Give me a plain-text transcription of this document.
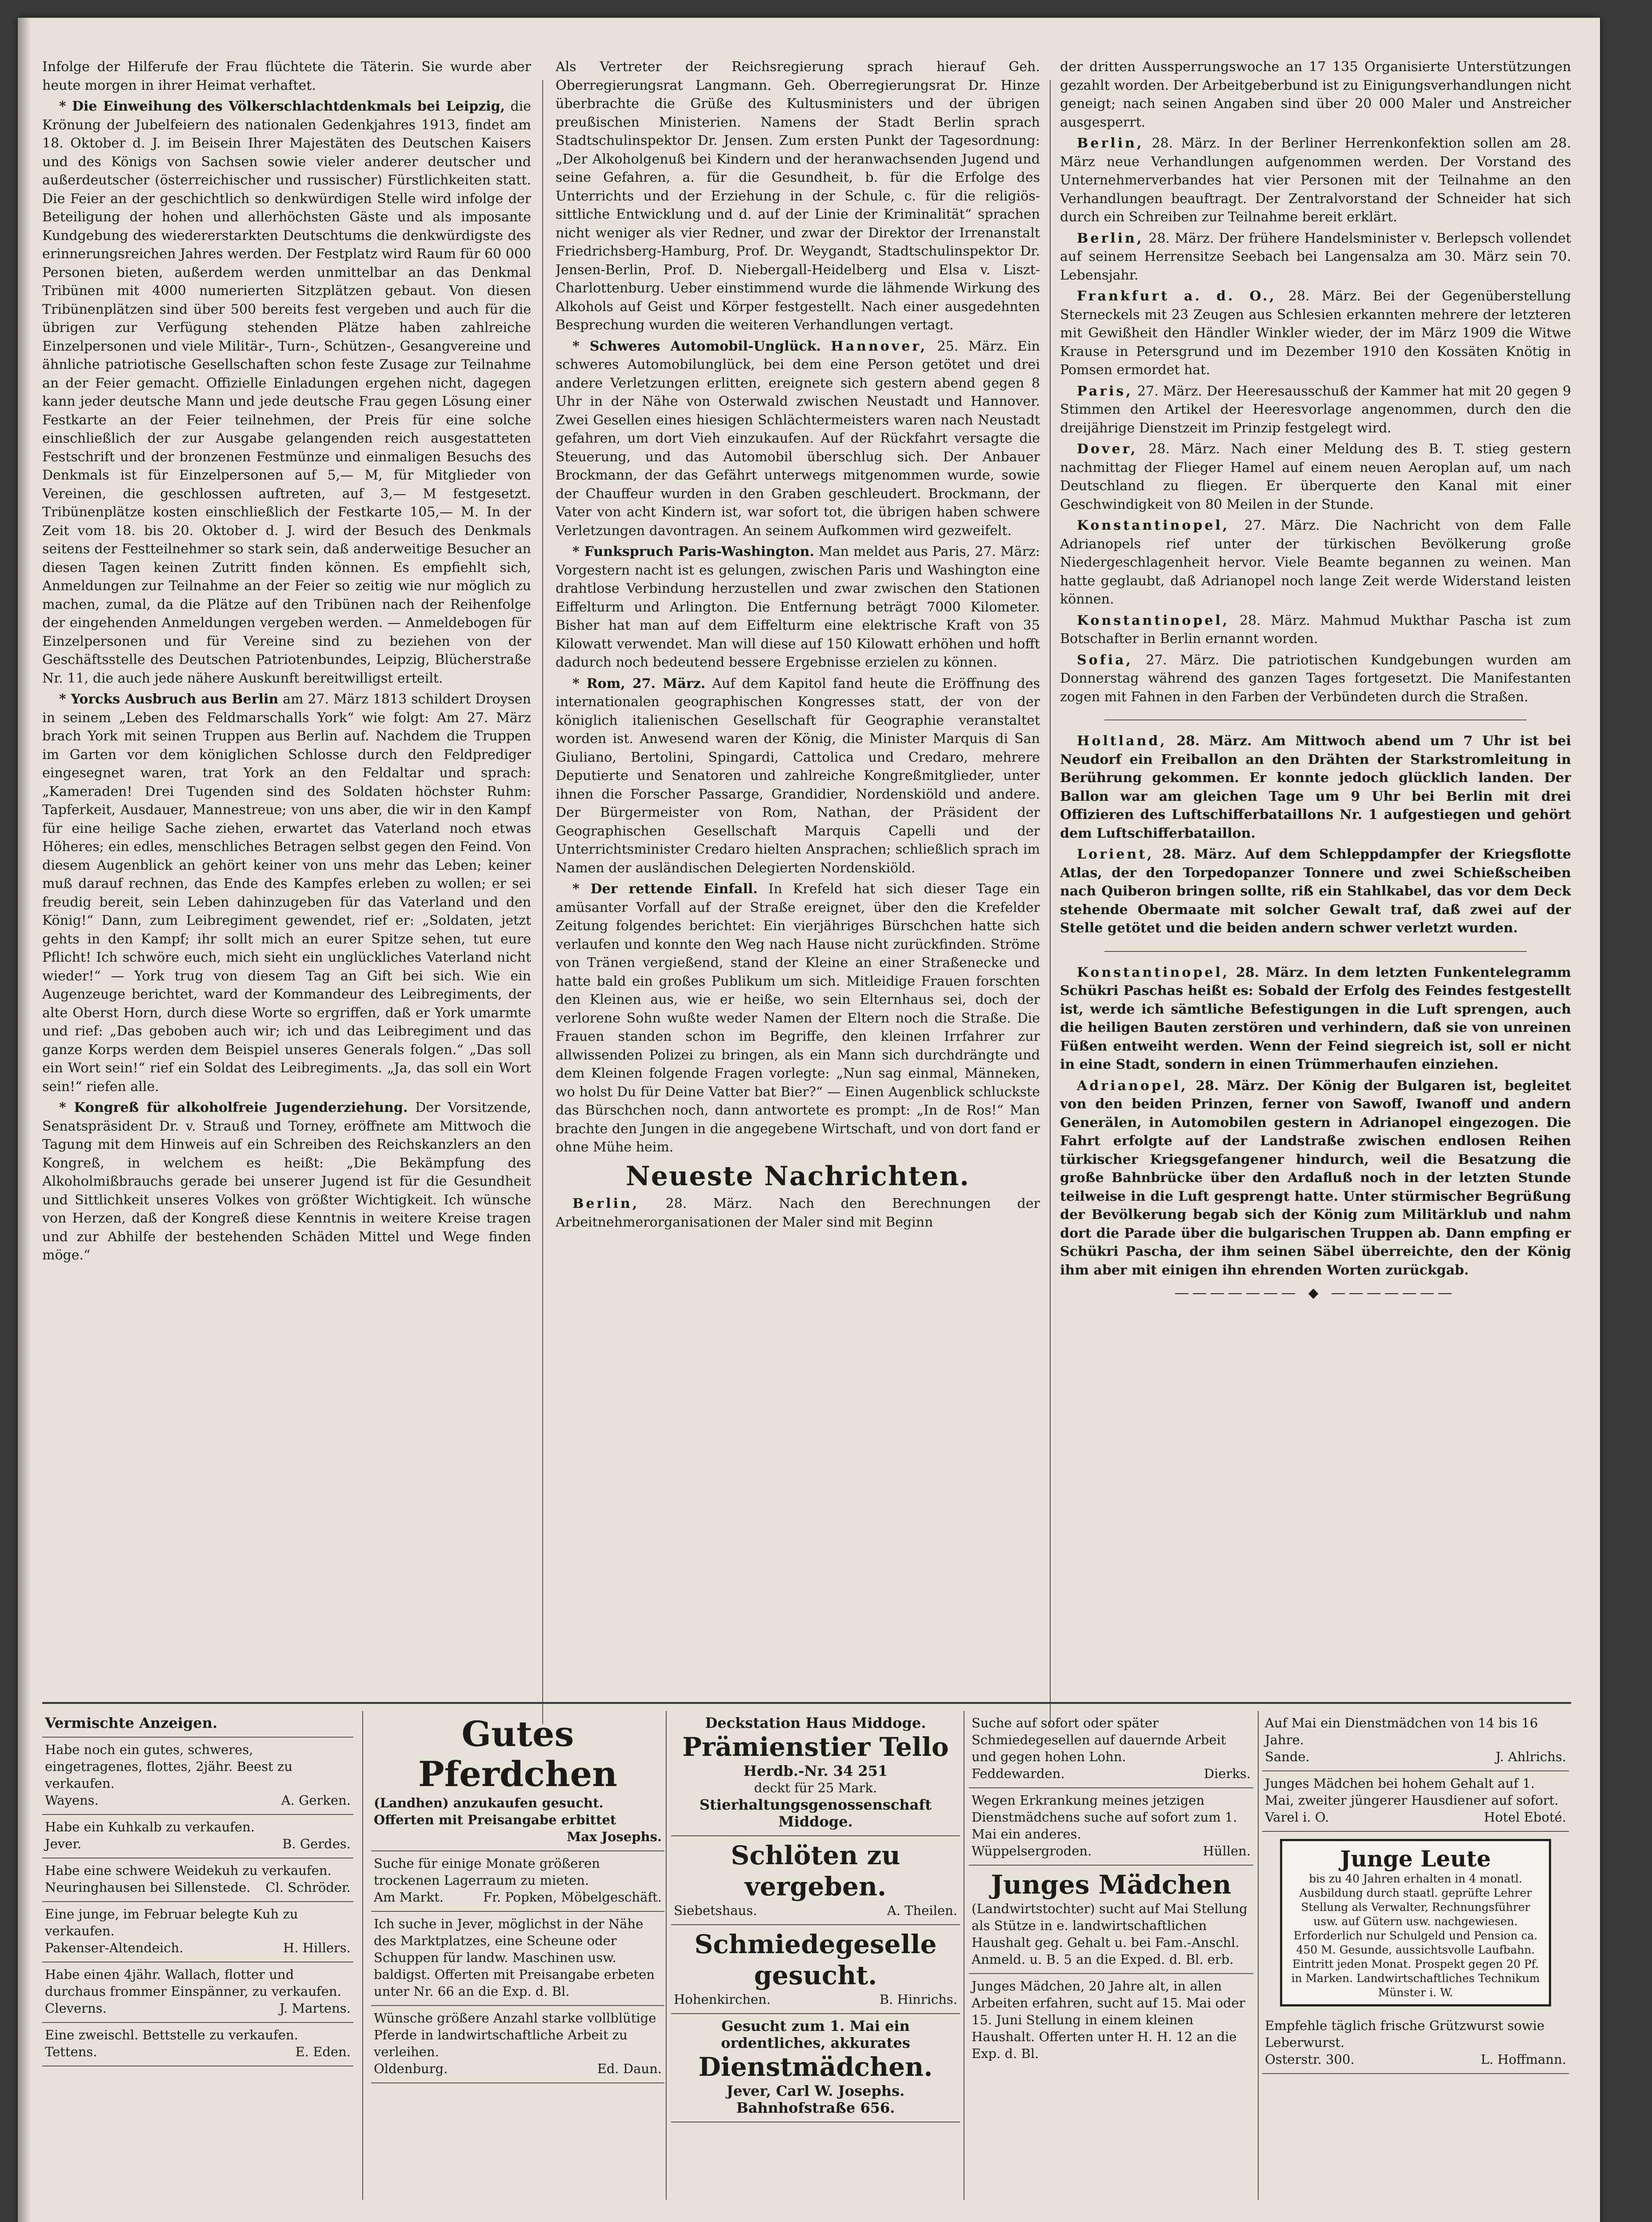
Infolge der Hilferufe der Frau flüchtete die Täterin. Sie wurde aber heute morgen in ihrer Heimat verhaftet.

* Die Einweihung des Völkerschlachtdenkmals bei Leipzig, die Krönung der Jubelfeiern des nationalen Gedenkjahres 1913, findet am 18. Oktober d. J. im Beisein Ihrer Majestäten des Deutschen Kaisers und des Königs von Sachsen sowie vieler anderer deutscher und außerdeutscher (österreichischer und russischer) Fürstlichkeiten statt. Die Feier an der geschichtlich so denkwürdigen Stelle wird infolge der Beteiligung der hohen und allerhöchsten Gäste und als imposante Kundgebung des wiedererstarkten Deutschtums die denkwürdigste des erinnerungsreichen Jahres werden. Der Festplatz wird Raum für 60 000 Personen bieten, außerdem werden unmittelbar an das Denkmal Tribünen mit 4000 numerierten Sitzplätzen gebaut. Von diesen Tribünenplätzen sind über 500 bereits fest vergeben und auch für die übrigen zur Verfügung stehenden Plätze haben zahlreiche Einzelpersonen und viele Militär-, Turn-, Schützen-, Gesangvereine und ähnliche patriotische Gesellschaften schon feste Zusage zur Teilnahme an der Feier gemacht. Offizielle Einladungen ergehen nicht, dagegen kann jeder deutsche Mann und jede deutsche Frau gegen Lösung einer Festkarte an der Feier teilnehmen, der Preis für eine solche einschließlich der zur Ausgabe gelangenden reich ausgestatteten Festschrift und der bronzenen Festmünze und einmaligen Besuchs des Denkmals ist für Einzelpersonen auf 5,— M, für Mitglieder von Vereinen, die geschlossen auftreten, auf 3,— M festgesetzt. Tribünenplätze kosten einschließlich der Festkarte 105,— M. In der Zeit vom 18. bis 20. Oktober d. J. wird der Besuch des Denkmals seitens der Festteilnehmer so stark sein, daß anderweitige Besucher an diesen Tagen keinen Zutritt finden können. Es empfiehlt sich, Anmeldungen zur Teilnahme an der Feier so zeitig wie nur möglich zu machen, zumal, da die Plätze auf den Tribünen nach der Reihenfolge der eingehenden Anmeldungen vergeben werden. — Anmeldebogen für Einzelpersonen und für Vereine sind zu beziehen von der Geschäftsstelle des Deutschen Patriotenbundes, Leipzig, Blücherstraße Nr. 11, die auch jede nähere Auskunft bereitwilligst erteilt.

* Yorcks Ausbruch aus Berlin am 27. März 1813 schildert Droysen in seinem „Leben des Feldmarschalls York“ wie folgt: Am 27. März brach York mit seinen Truppen aus Berlin auf. Nachdem die Truppen im Garten vor dem königlichen Schlosse durch den Feldprediger eingesegnet waren, trat York an den Feldaltar und sprach: „Kameraden! Drei Tugenden sind des Soldaten höchster Ruhm: Tapferkeit, Ausdauer, Mannestreue; von uns aber, die wir in den Kampf für eine heilige Sache ziehen, erwartet das Vaterland noch etwas Höheres; ein edles, menschliches Betragen selbst gegen den Feind. Von diesem Augenblick an gehört keiner von uns mehr das Leben; keiner muß darauf rechnen, das Ende des Kampfes erleben zu wollen; er sei freudig bereit, sein Leben dahinzugeben für das Vaterland und den König!“ Dann, zum Leibregiment gewendet, rief er: „Soldaten, jetzt gehts in den Kampf; ihr sollt mich an eurer Spitze sehen, tut eure Pflicht! Ich schwöre euch, mich sieht ein unglückliches Vaterland nicht wieder!“ — York trug von diesem Tag an Gift bei sich. Wie ein Augenzeuge berichtet, ward der Kommandeur des Leibregiments, der alte Oberst Horn, durch diese Worte so ergriffen, daß er York umarmte und rief: „Das geboben auch wir; ich und das Leibregiment und das ganze Korps werden dem Beispiel unseres Generals folgen.“ „Das soll ein Wort sein!“ rief ein Soldat des Leibregiments. „Ja, das soll ein Wort sein!“ riefen alle.

* Kongreß für alkoholfreie Jugenderziehung. Der Vorsitzende, Senatspräsident Dr. v. Strauß und Torney, eröffnete am Mittwoch die Tagung mit dem Hinweis auf ein Schreiben des Reichskanzlers an den Kongreß, in welchem es heißt: „Die Bekämpfung des Alkoholmißbrauchs gerade bei unserer Jugend ist für die Gesundheit und Sittlichkeit unseres Volkes von größter Wichtigkeit. Ich wünsche von Herzen, daß der Kongreß diese Kenntnis in weitere Kreise tragen und zur Abhilfe der bestehenden Schäden Mittel und Wege finden möge.“

Als Vertreter der Reichsregierung sprach hierauf Geh. Oberregierungsrat Langmann. Geh. Oberregierungsrat Dr. Hinze überbrachte die Grüße des Kultusministers und der übrigen preußischen Ministerien. Namens der Stadt Berlin sprach Stadtschulinspektor Dr. Jensen. Zum ersten Punkt der Tagesordnung: „Der Alkoholgenuß bei Kindern und der heranwachsenden Jugend und seine Gefahren, a. für die Gesundheit, b. für die Erfolge des Unterrichts und der Erziehung in der Schule, c. für die religiös-sittliche Entwicklung und d. auf der Linie der Kriminalität“ sprachen nicht weniger als vier Redner, und zwar der Direktor der Irrenanstalt Friedrichsberg-Hamburg, Prof. Dr. Weygandt, Stadtschulinspektor Dr. Jensen-Berlin, Prof. D. Niebergall-Heidelberg und Elsa v. Liszt-Charlottenburg. Ueber einstimmend wurde die lähmende Wirkung des Alkohols auf Geist und Körper festgestellt. Nach einer ausgedehnten Besprechung wurden die weiteren Verhandlungen vertagt.

* Schweres Automobil-Unglück. Hannover, 25. März. Ein schweres Automobilunglück, bei dem eine Person getötet und drei andere Verletzungen erlitten, ereignete sich gestern abend gegen 8 Uhr in der Nähe von Osterwald zwischen Neustadt und Hannover. Zwei Gesellen eines hiesigen Schlächtermeisters waren nach Neustadt gefahren, um dort Vieh einzukaufen. Auf der Rückfahrt versagte die Steuerung, und das Automobil überschlug sich. Der Anbauer Brockmann, der das Gefährt unterwegs mitgenommen wurde, sowie der Chauffeur wurden in den Graben geschleudert. Brockmann, der Vater von acht Kindern ist, war sofort tot, die übrigen haben schwere Verletzungen davontragen. An seinem Aufkommen wird gezweifelt.

* Funkspruch Paris-Washington. Man meldet aus Paris, 27. März: Vorgestern nacht ist es gelungen, zwischen Paris und Washington eine drahtlose Verbindung herzustellen und zwar zwischen den Stationen Eiffelturm und Arlington. Die Entfernung beträgt 7000 Kilometer. Bisher hat man auf dem Eiffelturm eine elektrische Kraft von 35 Kilowatt verwendet. Man will diese auf 150 Kilowatt erhöhen und hofft dadurch noch bedeutend bessere Ergebnisse erzielen zu können.

* Rom, 27. März. Auf dem Kapitol fand heute die Eröffnung des internationalen geographischen Kongresses statt, der von der königlich italienischen Gesellschaft für Geographie veranstaltet worden ist. Anwesend waren der König, die Minister Marquis di San Giuliano, Bertolini, Spingardi, Cattolica und Credaro, mehrere Deputierte und Senatoren und zahlreiche Kongreßmitglieder, unter ihnen die Forscher Passarge, Grandidier, Nordenskiöld und andere. Der Bürgermeister von Rom, Nathan, der Präsident der Geographischen Gesellschaft Marquis Capelli und der Unterrichtsminister Credaro hielten Ansprachen; schließlich sprach im Namen der ausländischen Delegierten Nordenskiöld.

* Der rettende Einfall. In Krefeld hat sich dieser Tage ein amüsanter Vorfall auf der Straße ereignet, über den die Krefelder Zeitung folgendes berichtet: Ein vierjähriges Bürschchen hatte sich verlaufen und konnte den Weg nach Hause nicht zurückfinden. Ströme von Tränen vergießend, stand der Kleine an einer Straßenecke und hatte bald ein großes Publikum um sich. Mitleidige Frauen forschten den Kleinen aus, wie er heiße, wo sein Elternhaus sei, doch der verlorene Sohn wußte weder Namen der Eltern noch die Straße. Die Frauen standen schon im Begriffe, den kleinen Irrfahrer zur allwissenden Polizei zu bringen, als ein Mann sich durchdrängte und dem Kleinen folgende Fragen vorlegte: „Nun sag einmal, Männeken, wo holst Du für Deine Vatter bat Bier?“ — Einen Augenblick schluckste das Bürschchen noch, dann antwortete es prompt: „In de Ros!“ Man brachte den Jungen in die angegebene Wirtschaft, und von dort fand er ohne Mühe heim.

Neueste Nachrichten.

Berlin, 28. März. Nach den Berechnungen der Arbeitnehmerorganisationen der Maler sind mit Beginn

der dritten Aussperrungswoche an 17 135 Organisierte Unterstützungen gezahlt worden. Der Arbeitgeberbund ist zu Einigungsverhandlungen nicht geneigt; nach seinen Angaben sind über 20 000 Maler und Anstreicher ausgesperrt.

Berlin, 28. März. In der Berliner Herrenkonfektion sollen am 28. März neue Verhandlungen aufgenommen werden. Der Vorstand des Unternehmerverbandes hat vier Personen mit der Teilnahme an den Verhandlungen beauftragt. Der Zentralvorstand der Schneider hat sich durch ein Schreiben zur Teilnahme bereit erklärt.

Berlin, 28. März. Der frühere Handelsminister v. Berlepsch vollendet auf seinem Herrensitze Seebach bei Langensalza am 30. März sein 70. Lebensjahr.

Frankfurt a. d. O., 28. März. Bei der Gegenüberstellung Sterneckels mit 23 Zeugen aus Schlesien erkannten mehrere der letzteren mit Gewißheit den Händler Winkler wieder, der im März 1909 die Witwe Krause in Petersgrund und im Dezember 1910 den Kossäten Knötig in Pomsen ermordet hat.

Paris, 27. März. Der Heeresausschuß der Kammer hat mit 20 gegen 9 Stimmen den Artikel der Heeresvorlage angenommen, durch den die dreijährige Dienstzeit im Prinzip festgelegt wird.

Dover, 28. März. Nach einer Meldung des B. T. stieg gestern nachmittag der Flieger Hamel auf einem neuen Aeroplan auf, um nach Deutschland zu fliegen. Er überquerte den Kanal mit einer Geschwindigkeit von 80 Meilen in der Stunde.

Konstantinopel, 27. März. Die Nachricht von dem Falle Adrianopels rief unter der türkischen Bevölkerung große Niedergeschlagenheit hervor. Viele Beamte begannen zu weinen. Man hatte geglaubt, daß Adrianopel noch lange Zeit werde Widerstand leisten können.

Konstantinopel, 28. März. Mahmud Mukthar Pascha ist zum Botschafter in Berlin ernannt worden.

Sofia, 27. März. Die patriotischen Kundgebungen wurden am Donnerstag während des ganzen Tages fortgesetzt. Die Manifestanten zogen mit Fahnen in den Farben der Verbündeten durch die Straßen.

Holtland, 28. März. Am Mittwoch abend um 7 Uhr ist bei Neudorf ein Freiballon an den Drähten der Starkstromleitung in Berührung gekommen. Er konnte jedoch glücklich landen. Der Ballon war am gleichen Tage um 9 Uhr bei Berlin mit drei Offizieren des Luftschifferbataillons Nr. 1 aufgestiegen und gehört dem Luftschifferbataillon.

Lorient, 28. März. Auf dem Schleppdampfer der Kriegsflotte Atlas, der den Torpedopanzer Tonnere und zwei Schießscheiben nach Quiberon bringen sollte, riß ein Stahlkabel, das vor dem Deck stehende Obermaate mit solcher Gewalt traf, daß zwei auf der Stelle getötet und die beiden andern schwer verletzt wurden.

Konstantinopel, 28. März. In dem letzten Funkentelegramm Schükri Paschas heißt es: Sobald der Erfolg des Feindes festgestellt ist, werde ich sämtliche Befestigungen in die Luft sprengen, auch die heiligen Bauten zerstören und verhindern, daß sie von unreinen Füßen entweiht werden. Wenn der Feind siegreich ist, soll er nicht in eine Stadt, sondern in einen Trümmerhaufen einziehen.

Adrianopel, 28. März. Der König der Bulgaren ist, begleitet von den beiden Prinzen, ferner von Sawoff, Iwanoff und andern Generälen, in Automobilen gestern in Adrianopel eingezogen. Die Fahrt erfolgte auf der Landstraße zwischen endlosen Reihen türkischer Kriegsgefangener hindurch, weil die Besatzung die große Bahnbrücke über den Ardafluß noch in der letzten Stunde teilweise in die Luft gesprengt hatte. Unter stürmischer Begrüßung der Bevölkerung begab sich der König zum Militärklub und nahm dort die Parade über die bulgarischen Truppen ab. Dann empfing er Schükri Pascha, der ihm seinen Säbel überreichte, den der König ihm aber mit einigen ihn ehrenden Worten zurückgab.

――――――― ◆ ―――――――
Vermischte Anzeigen.
Habe noch ein gutes, schweres, eingetragenes, flottes, 2jähr. Beest zu verkaufen.
Wayens.	A. Gerken.
Habe ein Kuhkalb zu verkaufen.
Jever.	B. Gerdes.
Habe eine schwere Weidekuh zu verkaufen.
Neuringhausen bei Sillenstede. Cl. Schröder.
Eine junge, im Februar belegte Kuh zu verkaufen.
Pakenser-Altendeich.	H. Hillers.
Habe einen 4jähr. Wallach, flotter und durchaus frommer Einspänner, zu verkaufen.
Cleverns.	J. Martens.
Eine zweischl. Bettstelle zu verkaufen.
Tettens.	E. Eden.
Gutes Pferdchen
(Landhen) anzukaufen gesucht. Offerten mit Preisangabe erbittet
Max Josephs.
Suche für einige Monate größeren trockenen Lagerraum zu mieten.
Am Markt.	Fr. Popken, Möbelgeschäft.
Ich suche in Jever, möglichst in der Nähe des Marktplatzes, eine Scheune oder Schuppen für landw. Maschinen usw. baldigst. Offerten mit Preisangabe erbeten unter Nr. 66 an die Exp. d. Bl.
Wünsche größere Anzahl starke vollblütige Pferde in landwirtschaftliche Arbeit zu verleihen.
Oldenburg.	Ed. Daun.
Deckstation Haus Middoge.
Prämienstier Tello
Herdb.-Nr. 34 251
deckt für 25 Mark.
Stierhaltungsgenossenschaft Middoge.
Schlöten zu vergeben.
Siebetshaus.	A. Theilen.
Schmiedegeselle gesucht.
Hohenkirchen.	B. Hinrichs.
Gesucht zum 1. Mai ein ordentliches, akkurates
Dienstmädchen.
Jever, Carl W. Josephs. Bahnhofstraße 656.
Suche auf sofort oder später Schmiedegesellen auf dauernde Arbeit und gegen hohen Lohn.
Feddewarden.	Dierks.
Wegen Erkrankung meines jetzigen Dienstmädchens suche auf sofort zum 1. Mai ein anderes.
Wüppelsergroden.	Hüllen.
Junges Mädchen
(Landwirtstochter) sucht auf Mai Stellung als Stütze in e. landwirtschaftlichen Haushalt geg. Gehalt u. bei Fam.-Anschl. Anmeld. u. B. 5 an die Exped. d. Bl. erb.
Junges Mädchen, 20 Jahre alt, in allen Arbeiten erfahren, sucht auf 15. Mai oder 15. Juni Stellung in einem kleinen Haushalt. Offerten unter H. H. 12 an die Exp. d. Bl.
Auf Mai ein Dienstmädchen von 14 bis 16 Jahre.
Sande.	J. Ahlrichs.
Junges Mädchen bei hohem Gehalt auf 1. Mai, zweiter jüngerer Hausdiener auf sofort.
Varel i. O.	Hotel Eboté.
Junge Leute
bis zu 40 Jahren erhalten in 4 monatl. Ausbildung durch staatl. geprüfte Lehrer Stellung als Verwalter, Rechnungsführer usw. auf Gütern usw. nachgewiesen. Erforderlich nur Schulgeld und Pension ca. 450 M. Gesunde, aussichtsvolle Laufbahn. Eintritt jeden Monat. Prospekt gegen 20 Pf. in Marken. Landwirtschaftliches Technikum Münster i. W.
Empfehle täglich frische Grützwurst sowie Leberwurst.
Osterstr. 300.	L. Hoffmann.
